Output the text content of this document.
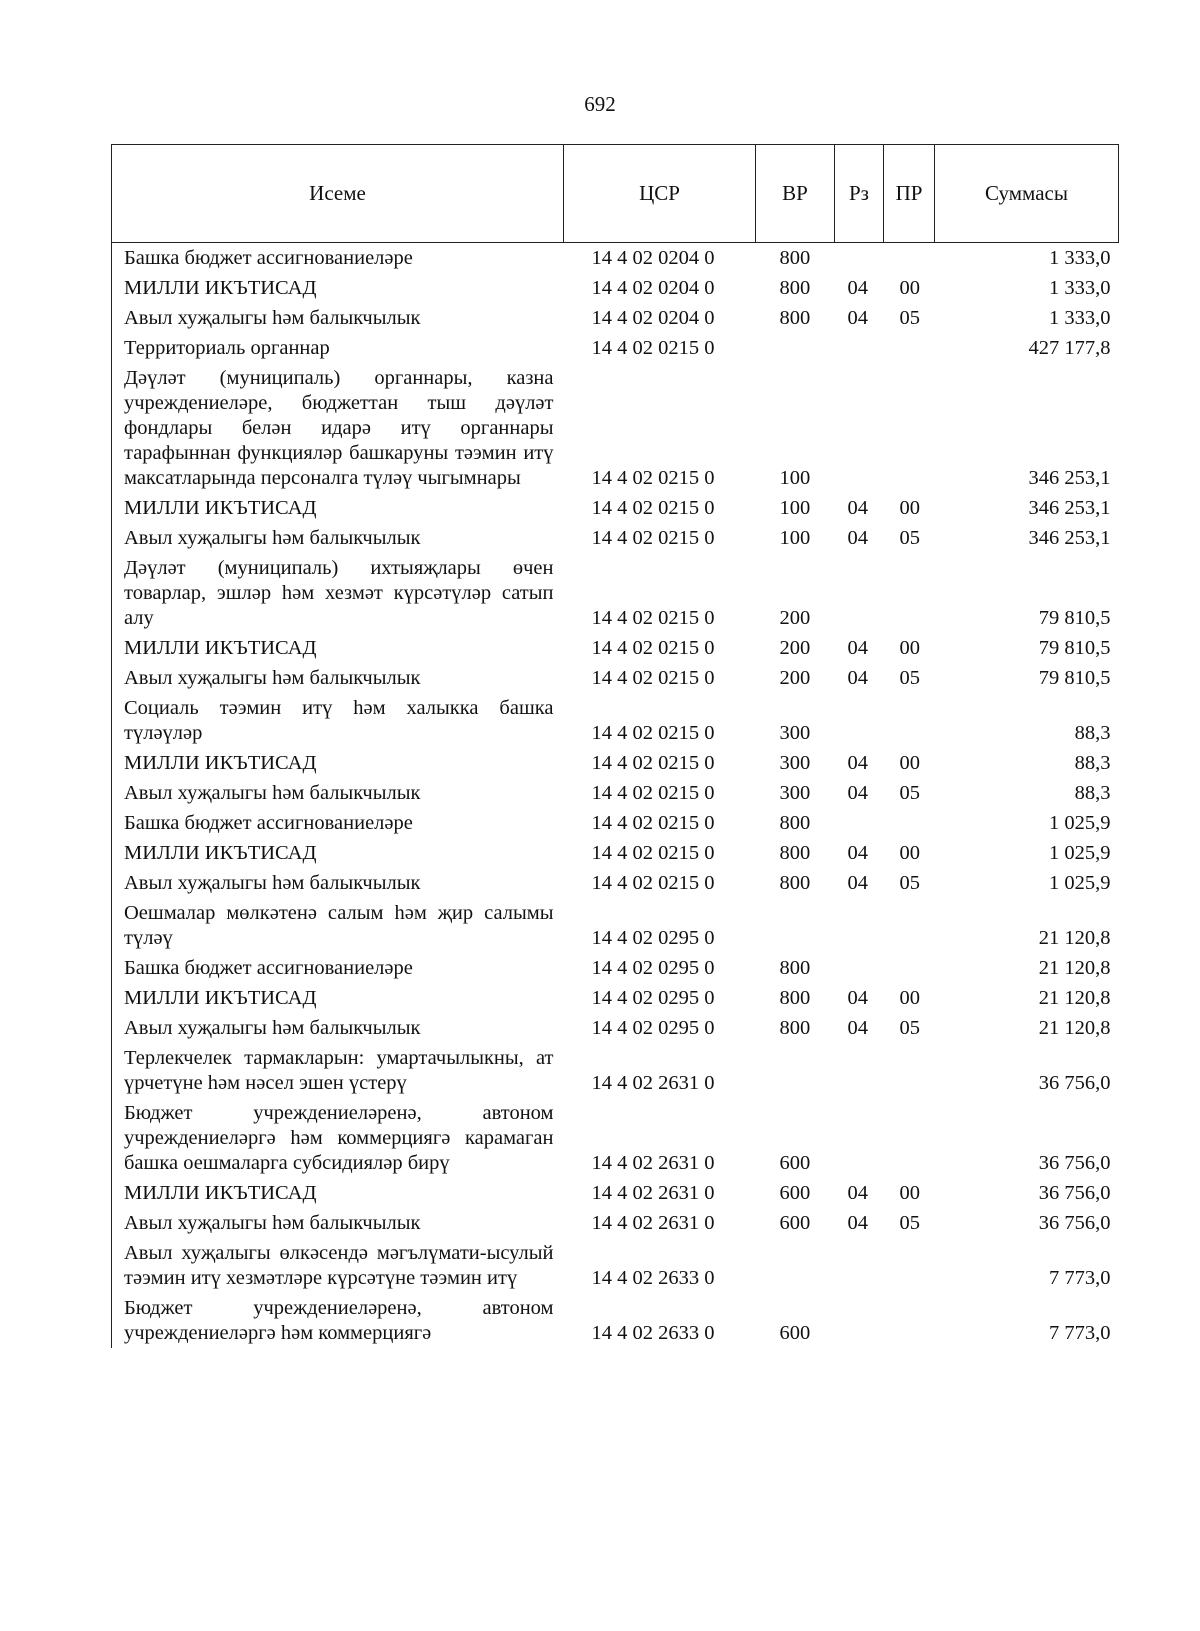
692
Исеме	ЦСР	ВР	Рз	ПР	Суммасы
Башка бюджет ассигнованиеләре	14 4 02 0204 0	800			1 333,0
МИЛЛИ ИКЪТИСАД	14 4 02 0204 0	800	04	00	1 333,0
Авыл хуҗалыгы һәм балыкчылык	14 4 02 0204 0	800	04	05	1 333,0
Территориаль органнар	14 4 02 0215 0				427 177,8
Дәүләт (муниципаль) органнары, казна учреждениеләре, бюджеттан тыш дәүләт фондлары белән идарә итү органнары тарафыннан функцияләр башкаруны тәэмин итү максатларында персоналга түләү чыгымнары	14 4 02 0215 0	100			346 253,1
МИЛЛИ ИКЪТИСАД	14 4 02 0215 0	100	04	00	346 253,1
Авыл хуҗалыгы һәм балыкчылык	14 4 02 0215 0	100	04	05	346 253,1
Дәүләт (муниципаль) ихтыяҗлары өчен товарлар, эшләр һәм хезмәт күрсәтүләр сатып алу	14 4 02 0215 0	200			79 810,5
МИЛЛИ ИКЪТИСАД	14 4 02 0215 0	200	04	00	79 810,5
Авыл хуҗалыгы һәм балыкчылык	14 4 02 0215 0	200	04	05	79 810,5
Социаль тәэмин итү һәм халыкка башка түләүләр	14 4 02 0215 0	300			88,3
МИЛЛИ ИКЪТИСАД	14 4 02 0215 0	300	04	00	88,3
Авыл хуҗалыгы һәм балыкчылык	14 4 02 0215 0	300	04	05	88,3
Башка бюджет ассигнованиеләре	14 4 02 0215 0	800			1 025,9
МИЛЛИ ИКЪТИСАД	14 4 02 0215 0	800	04	00	1 025,9
Авыл хуҗалыгы һәм балыкчылык	14 4 02 0215 0	800	04	05	1 025,9
Оешмалар мөлкәтенә салым һәм җир салымы түләү	14 4 02 0295 0				21 120,8
Башка бюджет ассигнованиеләре	14 4 02 0295 0	800			21 120,8
МИЛЛИ ИКЪТИСАД	14 4 02 0295 0	800	04	00	21 120,8
Авыл хуҗалыгы һәм балыкчылык	14 4 02 0295 0	800	04	05	21 120,8
Терлекчелек тармакларын: умартачылыкны, ат үрчетүне һәм нәсел эшен үстерү	14 4 02 2631 0				36 756,0
Бюджет учреждениеләренә, автоном учреждениеләргә һәм коммерциягә карамаган башка оешмаларга субсидияләр бирү	14 4 02 2631 0	600			36 756,0
МИЛЛИ ИКЪТИСАД	14 4 02 2631 0	600	04	00	36 756,0
Авыл хуҗалыгы һәм балыкчылык	14 4 02 2631 0	600	04	05	36 756,0
Авыл хуҗалыгы өлкәсендә мәгълүмати-ысулый тәэмин итү хезмәтләре күрсәтүне тәэмин итү	14 4 02 2633 0				7 773,0
Бюджет учреждениеләренә, автоном учреждениеләргә һәм коммерциягә	14 4 02 2633 0	600			7 773,0
